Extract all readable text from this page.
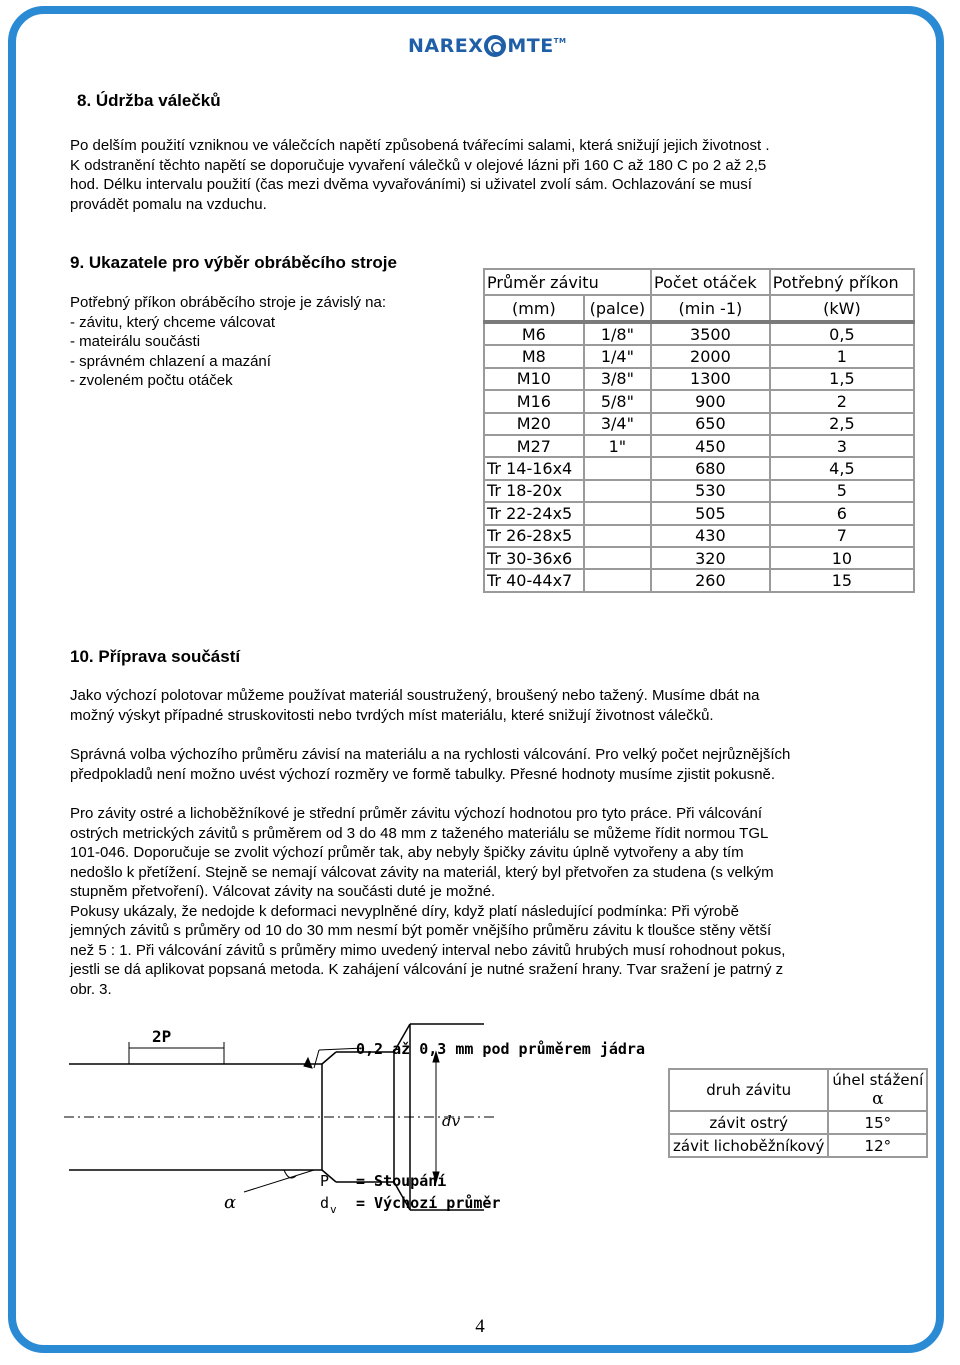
NAREX MTE TM
8. Údržba válečků

Po delším použití vzniknou ve válečcích napětí způsobená tvářecími salami, která snižují jejich životnost .
K odstranění těchto napětí se doporučuje vyvaření válečků v olejové lázni při 160 C až 180 C po 2 až 2,5
hod. Délku intervalu použití (čas mezi dvěma vyvařováními) si uživatel zvolí sám. Ochlazování se musí
provádět pomalu na vzduchu.

9. Ukazatele pro výběr obráběcího stroje
Potřebný příkon obráběcího stroje je závislý na:
- závitu, který chceme válcovat
- mateirálu součásti
- správném chlazení a mazání
- zvoleném počtu otáček
Průměr závitu		Počet otáček	Potřebný příkon
(mm)	(palce)	(min -1)	(kW)
M6	1/8"	3500	0,5
M8	1/4"	2000	1
M10	3/8"	1300	1,5
M16	5/8"	900	2
M20	3/4"	650	2,5
M27	1"	450	3
Tr 14-16x4		680	4,5
Tr 18-20x		530	5
Tr 22-24x5		505	6
Tr 26-28x5		430	7
Tr 30-36x6		320	10
Tr 40-44x7		260	15
10. Příprava součástí

Jako výchozí polotovar můžeme používat materiál soustružený, broušený nebo tažený. Musíme dbát na
možný výskyt případné struskovitosti nebo tvrdých míst materiálu, které snižují životnost válečků.

Správná volba výchozího průměru závisí na materiálu a na rychlosti válcování. Pro velký počet nejrůznějších
předpokladů není možno uvést výchozí rozměry ve formě tabulky. Přesné hodnoty musíme zjistit pokusně.

Pro závity ostré a lichoběžníkové je střední průměr závitu výchozí hodnotou pro tyto práce. Při válcování
ostrých metrických závitů s průměrem od 3 do 48 mm z taženého materiálu se můžeme řídit normou TGL
101-046. Doporučuje se zvolit výchozí průměr tak, aby nebyly špičky závitu úplně vytvořeny a aby tím
nedošlo k přetížení. Stejně se nemají válcovat závity na materiál, který byl přetvořen za studena (s velkým
stupněm přetvoření). Válcovat závity na součásti duté je možné.
Pokusy ukázaly, že nedojde k deformaci nevyplněné díry, když platí následující podmínka: Při výrobě
jemných závitů s průměry od 10 do 30 mm nesmí být poměr vnějšího průměru závitu k tloušce stěny větší
než 5 : 1. Při válcování závitů s průměry mimo uvedený interval nebo závitů hrubých musí rohodnout pokus,
jestli se dá aplikovat popsaná metoda. K zahájení válcování je nutné sražení hrany. Tvar sražení je patrný z
obr. 3.

2P
0,2 až 0,3 mm pod průměrem jádra
dv
α
P = Stoupání
d v = Výchozí průměr
druh závitu	úhel stážení
α

závit ostrý	15°
závit lichoběžníkový	12°
4
